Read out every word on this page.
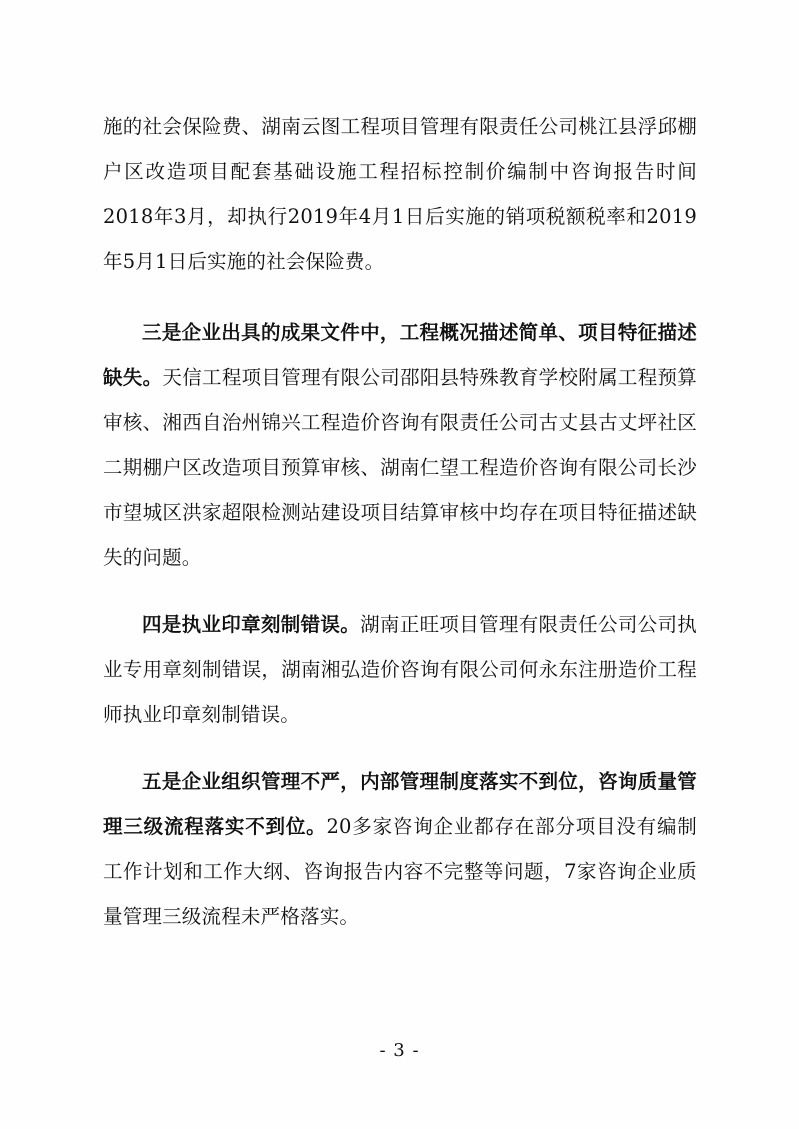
施的社会保险费、湖南云图工程项目管理有限责任公司桃江县浮邱棚户区改造项目配套基础设施工程招标控制价编制中咨询报告时间2018年3月，却执行2019年4月1日后实施的销项税额税率和2019年5月1日后实施的社会保险费。

三是企业出具的成果文件中，工程概况描述简单、项目特征描述缺失。天信工程项目管理有限公司邵阳县特殊教育学校附属工程预算审核、湘西自治州锦兴工程造价咨询有限责任公司古丈县古丈坪社区二期棚户区改造项目预算审核、湖南仁望工程造价咨询有限公司长沙市望城区洪家超限检测站建设项目结算审核中均存在项目特征描述缺失的问题。

四是执业印章刻制错误。湖南正旺项目管理有限责任公司公司执业专用章刻制错误，湖南湘弘造价咨询有限公司何永东注册造价工程师执业印章刻制错误。

五是企业组织管理不严，内部管理制度落实不到位，咨询质量管理三级流程落实不到位。20多家咨询企业都存在部分项目没有编制工作计划和工作大纲、咨询报告内容不完整等问题，7家咨询企业质量管理三级流程未严格落实。

- 3 -
